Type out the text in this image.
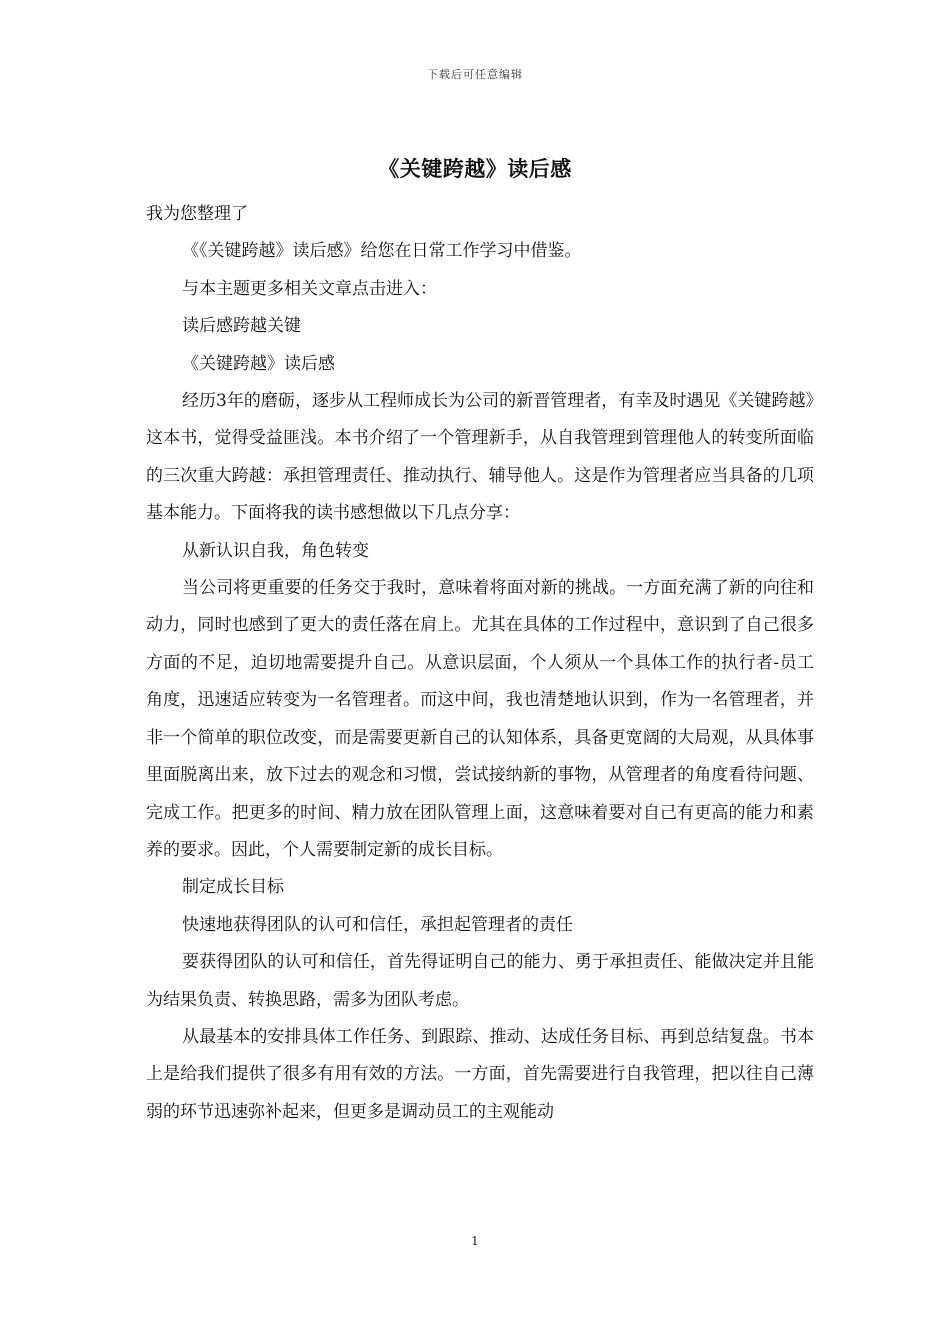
下载后可任意编辑
《关键跨越》读后感

我为您整理了

《《关键跨越》读后感》给您在日常工作学习中借鉴。

与本主题更多相关文章点击进入：

读后感跨越关键

《关键跨越》读后感

经历3年的磨砺，逐步从工程师成长为公司的新晋管理者，有幸及时遇见《关键跨越》这本书，觉得受益匪浅。本书介绍了一个管理新手，从自我管理到管理他人的转变所面临的三次重大跨越：承担管理责任、推动执行、辅导他人。这是作为管理者应当具备的几项基本能力。下面将我的读书感想做以下几点分享：

从新认识自我，角色转变

当公司将更重要的任务交于我时，意味着将面对新的挑战。一方面充满了新的向往和动力，同时也感到了更大的责任落在肩上。尤其在具体的工作过程中，意识到了自己很多方面的不足，迫切地需要提升自己。从意识层面，个人须从一个具体工作的执行者-员工角度，迅速适应转变为一名管理者。而这中间，我也清楚地认识到，作为一名管理者，并非一个简单的职位改变，而是需要更新自己的认知体系，具备更宽阔的大局观，从具体事里面脱离出来，放下过去的观念和习惯，尝试接纳新的事物，从管理者的角度看待问题、完成工作。把更多的时间、精力放在团队管理上面，这意味着要对自己有更高的能力和素养的要求。因此，个人需要制定新的成长目标。

制定成长目标

快速地获得团队的认可和信任，承担起管理者的责任

要获得团队的认可和信任，首先得证明自己的能力、勇于承担责任、能做决定并且能为结果负责、转换思路，需多为团队考虑。

从最基本的安排具体工作任务、到跟踪、推动、达成任务目标、再到总结复盘。书本上是给我们提供了很多有用有效的方法。一方面，首先需要进行自我管理，把以往自己薄弱的环节迅速弥补起来，但更多是调动员工的主观能动

1
